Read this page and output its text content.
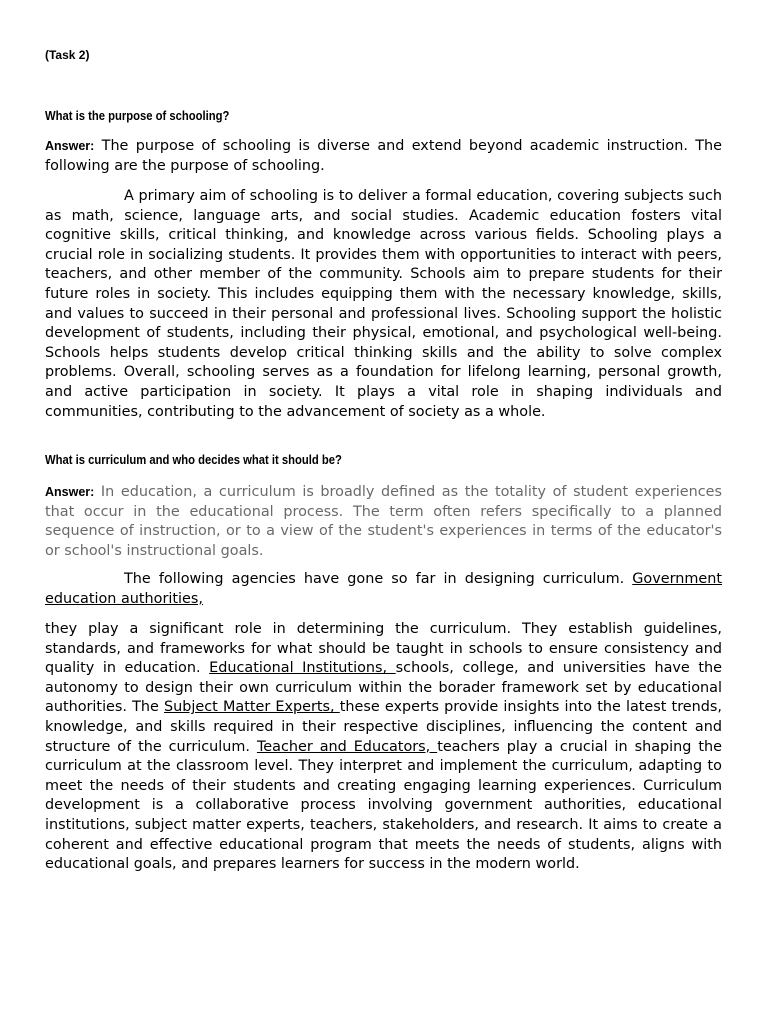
(Task 2)
What is the purpose of schooling?
Answer: The purpose of schooling is diverse and extend beyond academic instruction. The following are the purpose of schooling.
A primary aim of schooling is to deliver a formal education, covering subjects such as math, science, language arts, and social studies. Academic education fosters vital cognitive skills, critical thinking, and knowledge across various fields. Schooling plays a crucial role in socializing students. It provides them with opportunities to interact with peers, teachers, and other member of the community. Schools aim to prepare students for their future roles in society. This includes equipping them with the necessary knowledge, skills, and values to succeed in their personal and professional lives. Schooling support the holistic development of students, including their physical, emotional, and psychological well-being. Schools helps students develop critical thinking skills and the ability to solve complex problems. Overall, schooling serves as a foundation for lifelong learning, personal growth, and active participation in society. It plays a vital role in shaping individuals and communities, contributing to the advancement of society as a whole.
What is curriculum and who decides what it should be?
Answer: In education, a curriculum is broadly defined as the totality of student experiences that occur in the educational process. The term often refers specifically to a planned sequence of instruction, or to a view of the student's experiences in terms of the educator's or school's instructional goals.
The following agencies have gone so far in designing curriculum. Government education authorities,
they play a significant role in determining the curriculum. They establish guidelines, standards, and frameworks for what should be taught in schools to ensure consistency and quality in education. Educational Institutions, schools, college, and universities have the autonomy to design their own curriculum within the borader framework set by educational authorities. The Subject Matter Experts, these experts provide insights into the latest trends, knowledge, and skills required in their respective disciplines, influencing the content and structure of the curriculum. Teacher and Educators, teachers play a crucial in shaping the curriculum at the classroom level. They interpret and implement the curriculum, adapting to meet the needs of their students and creating engaging learning experiences. Curriculum development is a collaborative process involving government authorities, educational institutions, subject matter experts, teachers, stakeholders, and research. It aims to create a coherent and effective educational program that meets the needs of students, aligns with educational goals, and prepares learners for success in the modern world.
